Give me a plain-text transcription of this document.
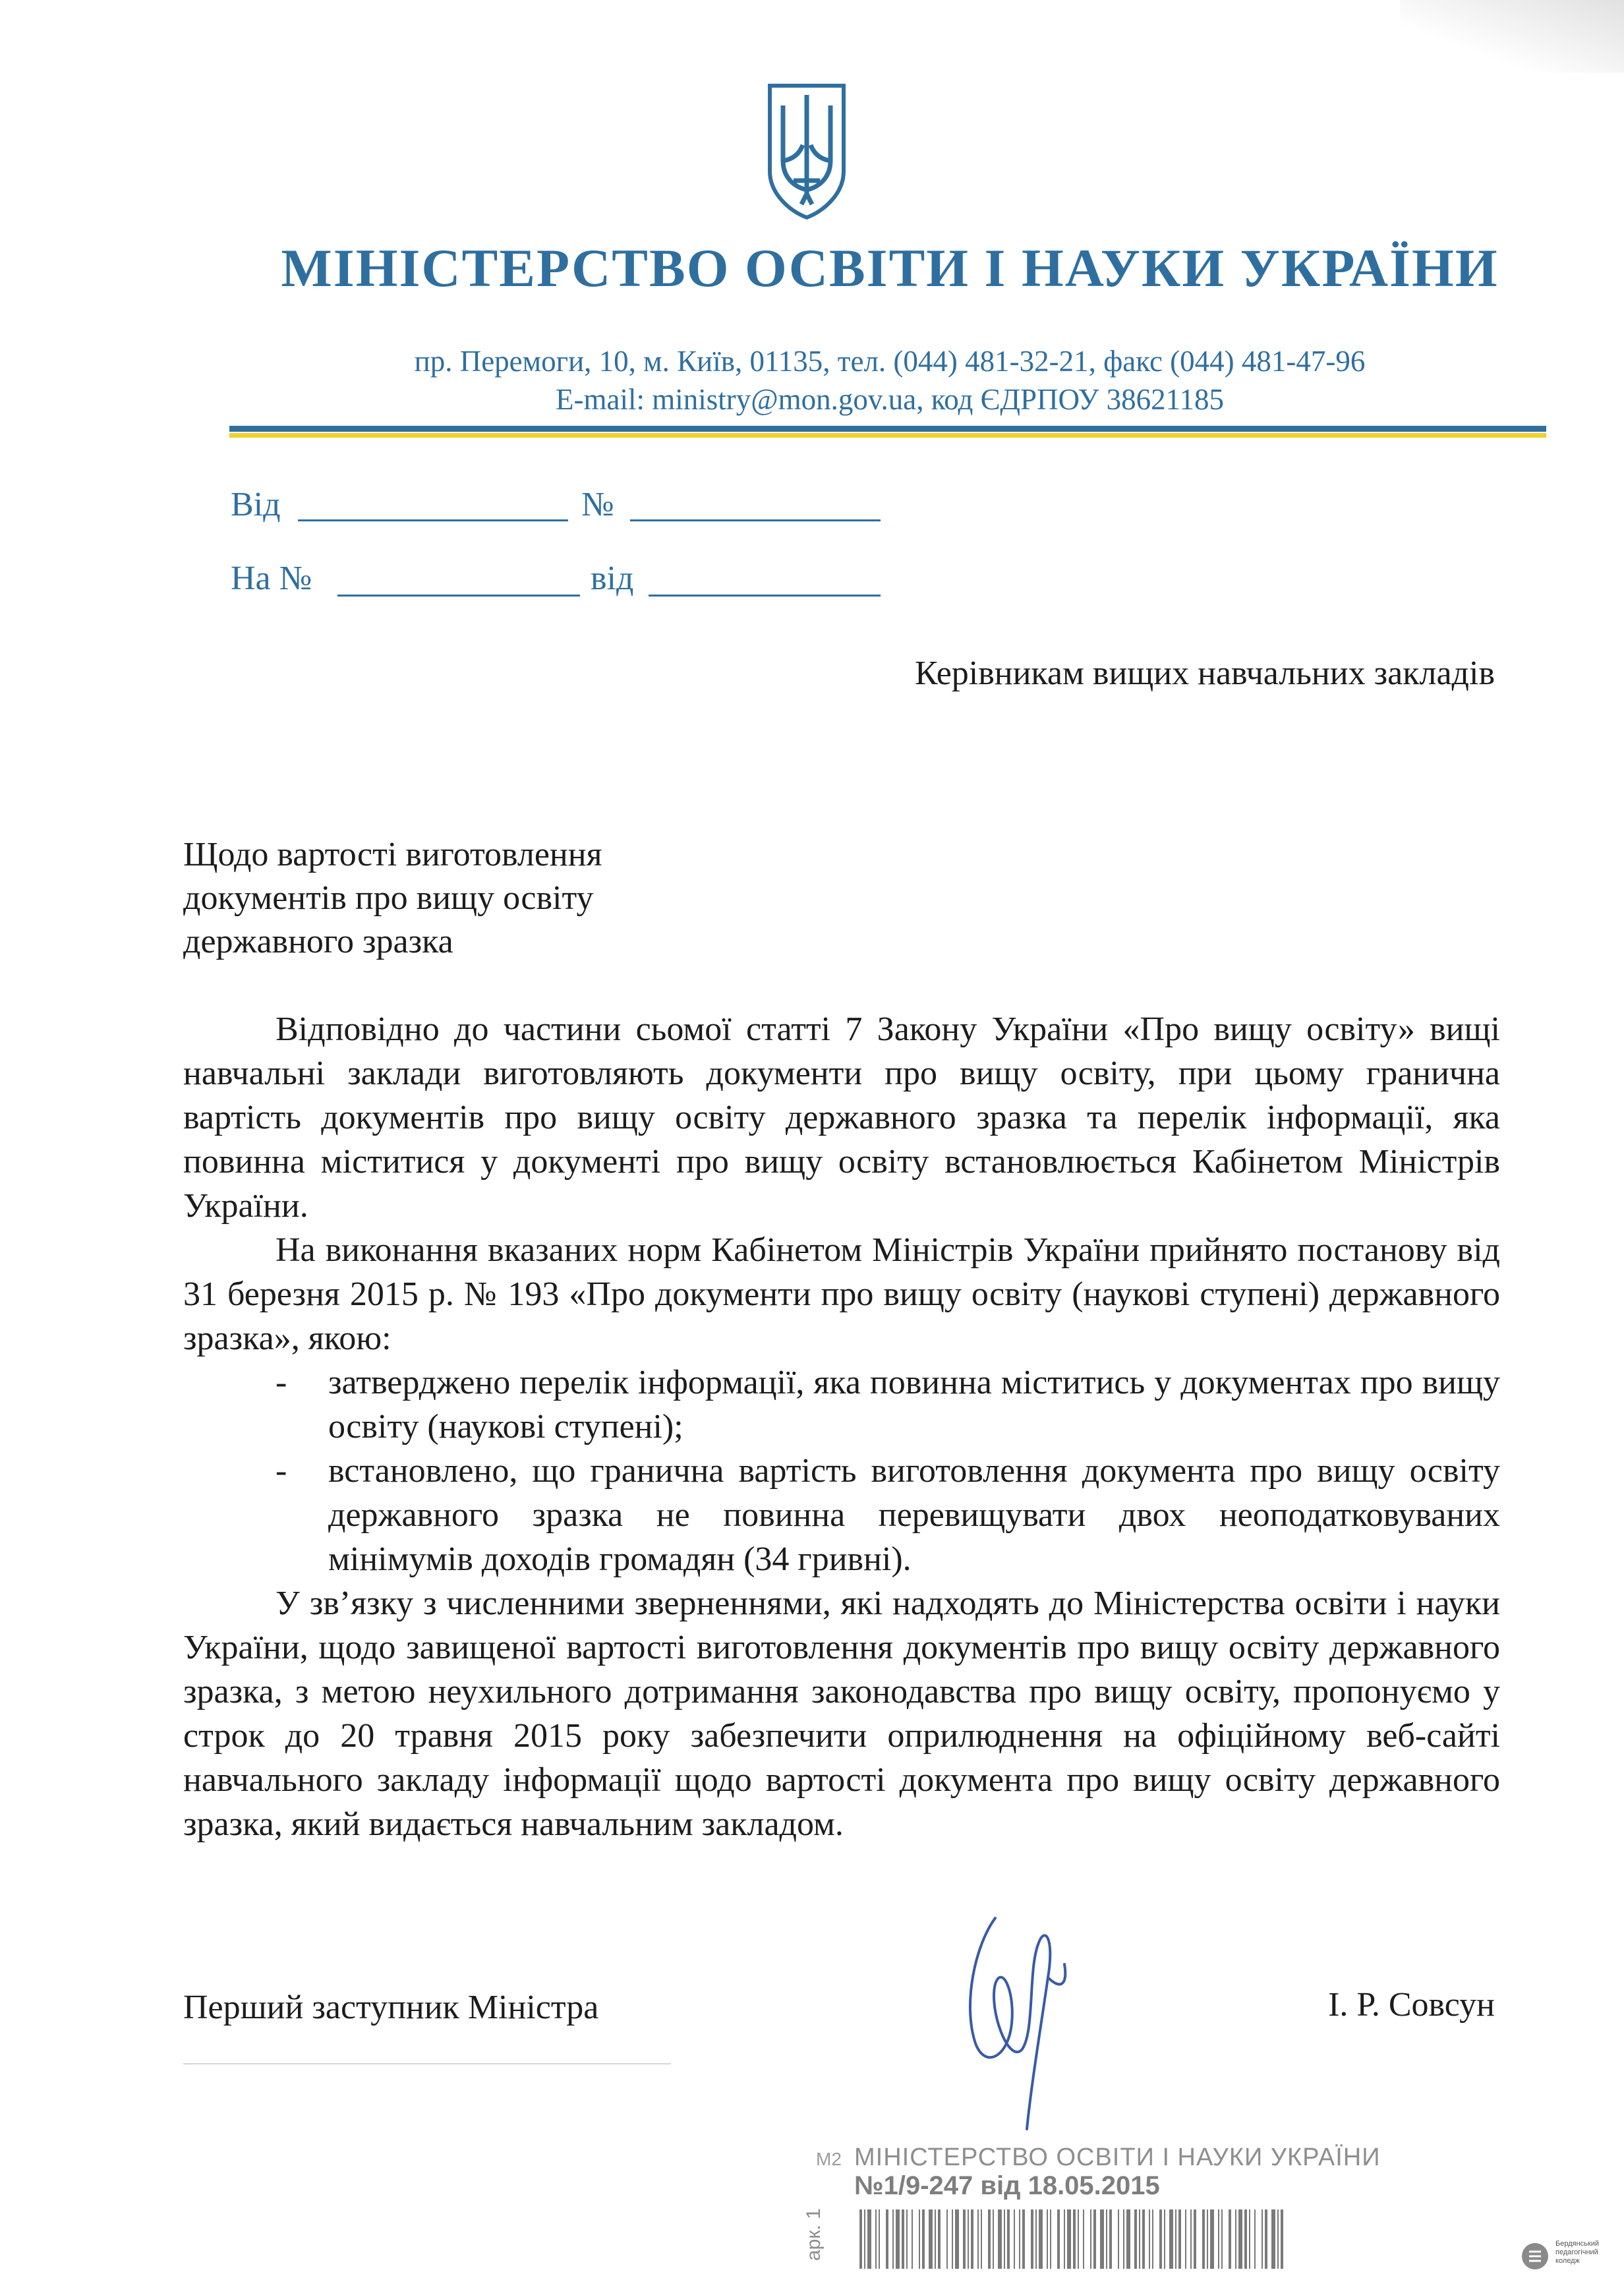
МІНІСТЕРСТВО ОСВІТИ І НАУКИ УКРАЇНИ
пр. Перемоги, 10, м. Київ, 01135, тел. (044) 481-32-21, факс (044) 481-47-96
E-mail: ministry@mon.gov.ua, код ЄДРПОУ 38621185
Від	№
На №	від
Керівникам вищих навчальних закладів
Щодо вартості виготовлення
документів про вищу освіту
державного зразка

Відповідно до частини сьомої статті 7 Закону України «Про вищу освіту» вищі навчальні заклади виготовляють документи про вищу освіту, при цьому гранична вартість документів про вищу освіту державного зразка та перелік інформації, яка повинна міститися у документі про вищу освіту встановлюється Кабінетом Міністрів України.

На виконання вказаних норм Кабінетом Міністрів України прийнято постанову від 31 березня 2015 р. № 193 «Про документи про вищу освіту (наукові ступені) державного зразка», якою:

- затверджено перелік інформації, яка повинна міститись у документах про вищу освіту (наукові ступені);
- встановлено, що гранична вартість виготовлення документа про вищу освіту державного зразка не повинна перевищувати двох неоподатковуваних мінімумів доходів громадян (34 гривні).

У зв’язку з численними зверненнями, які надходять до Міністерства освіти і науки України, щодо завищеної вартості виготовлення документів про вищу освіту державного зразка, з метою неухильного дотримання законодавства про вищу освіту, пропонуємо у строк до 20 травня 2015 року забезпечити оприлюднення на офіційному веб-сайті навчального закладу інформації щодо вартості документа про вищу освіту державного зразка, який видається навчальним закладом.

Перший заступник Міністра	І. Р. Совсун
М2 МІНІСТЕРСТВО ОСВІТИ І НАУКИ УКРАЇНИ
№1/9-247 від 18.05.2015
арк. 1	Бердянський педагогічний коледж
